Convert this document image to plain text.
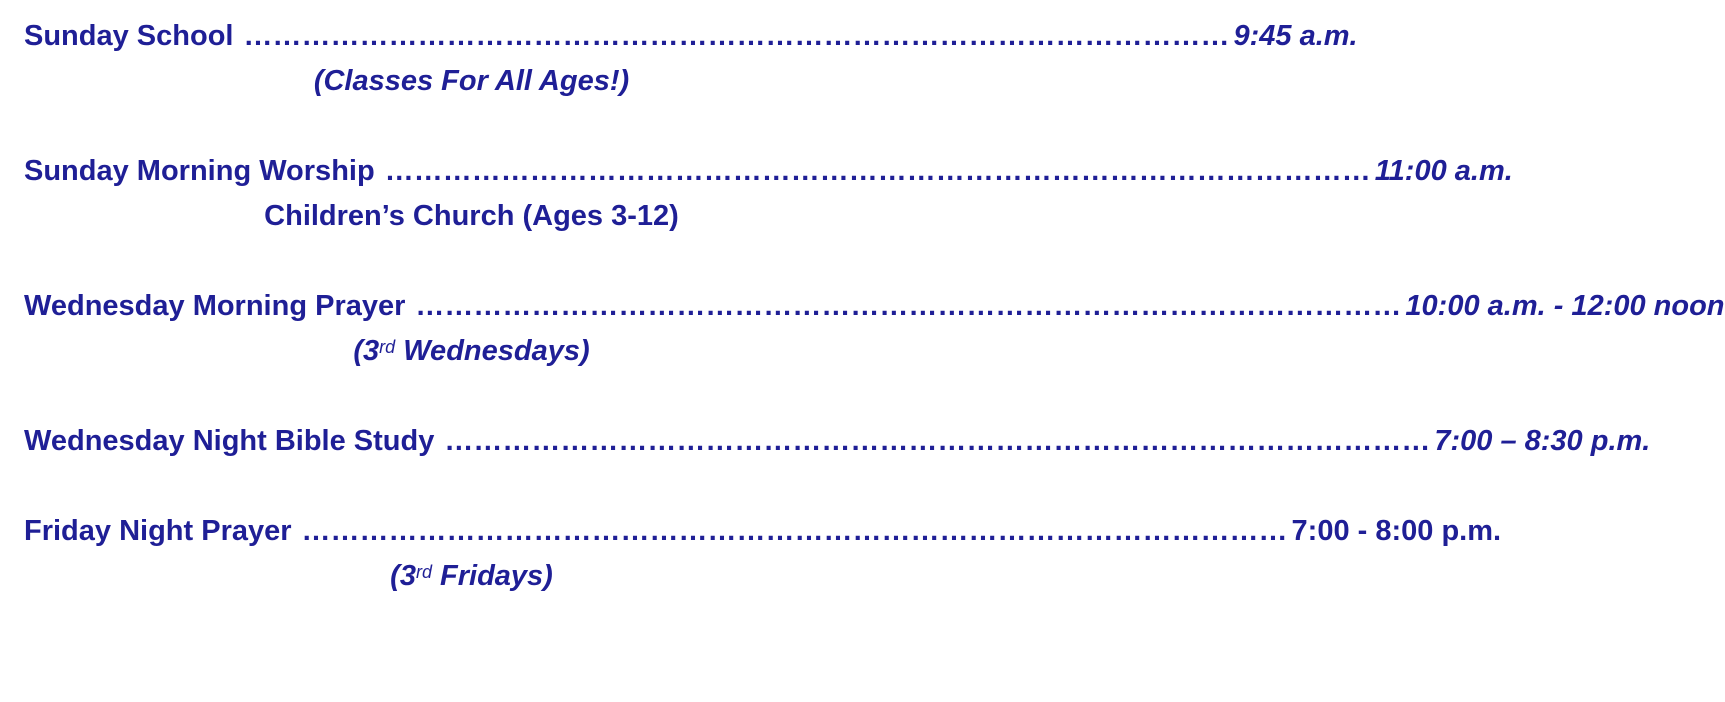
Sunday School ………………………………………………………………………………………… 9:45 a.m.
(Classes For All Ages!)
Sunday Morning Worship ………………………………………………………………………………………… 11:00 a.m.
Children’s Church (Ages 3-12)
Wednesday Morning Prayer ………………………………………………………………………………………… 10:00 a.m. - 12:00 noon
(3rd Wednesdays)
Wednesday Night Bible Study ………………………………………………………………………………………… 7:00 – 8:30 p.m.
Friday Night Prayer ………………………………………………………………………………………… 7:00 - 8:00 p.m.
(3rd Fridays)
